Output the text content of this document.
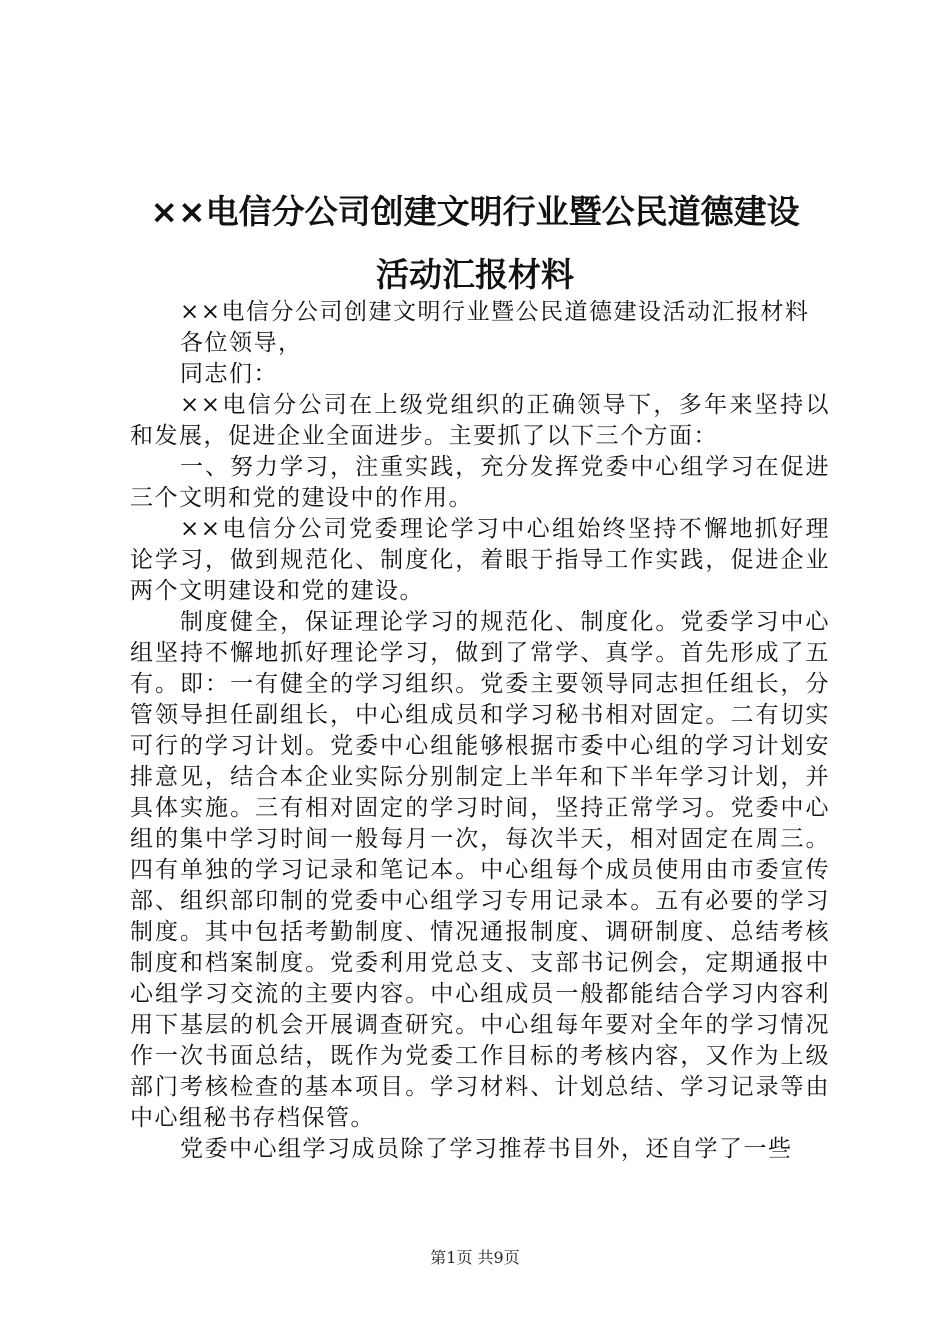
××电信分公司创建文明行业暨公民道德建设
活动汇报材料

××电信分公司创建文明行业暨公民道德建设活动汇报材料

各位领导，

同志们：

××电信分公司在上级党组织的正确领导下，多年来坚持以和发展，促进企业全面进步。主要抓了以下三个方面：

一、努力学习，注重实践，充分发挥党委中心组学习在促进三个文明和党的建设中的作用。

××电信分公司党委理论学习中心组始终坚持不懈地抓好理论学习，做到规范化、制度化，着眼于指导工作实践，促进企业两个文明建设和党的建设。

制度健全，保证理论学习的规范化、制度化。党委学习中心组坚持不懈地抓好理论学习，做到了常学、真学。首先形成了五有。即：一有健全的学习组织。党委主要领导同志担任组长，分管领导担任副组长，中心组成员和学习秘书相对固定。二有切实可行的学习计划。党委中心组能够根据市委中心组的学习计划安排意见，结合本企业实际分别制定上半年和下半年学习计划，并具体实施。三有相对固定的学习时间，坚持正常学习。党委中心组的集中学习时间一般每月一次，每次半天，相对固定在周三。四有单独的学习记录和笔记本。中心组每个成员使用由市委宣传部、组织部印制的党委中心组学习专用记录本。五有必要的学习制度。其中包括考勤制度、情况通报制度、调研制度、总结考核制度和档案制度。党委利用党总支、支部书记例会，定期通报中心组学习交流的主要内容。中心组成员一般都能结合学习内容利用下基层的机会开展调查研究。中心组每年要对全年的学习情况作一次书面总结，既作为党委工作目标的考核内容，又作为上级部门考核检查的基本项目。学习材料、计划总结、学习记录等由中心组秘书存档保管。

党委中心组学习成员除了学习推荐书目外，还自学了一些

第1页 共9页
